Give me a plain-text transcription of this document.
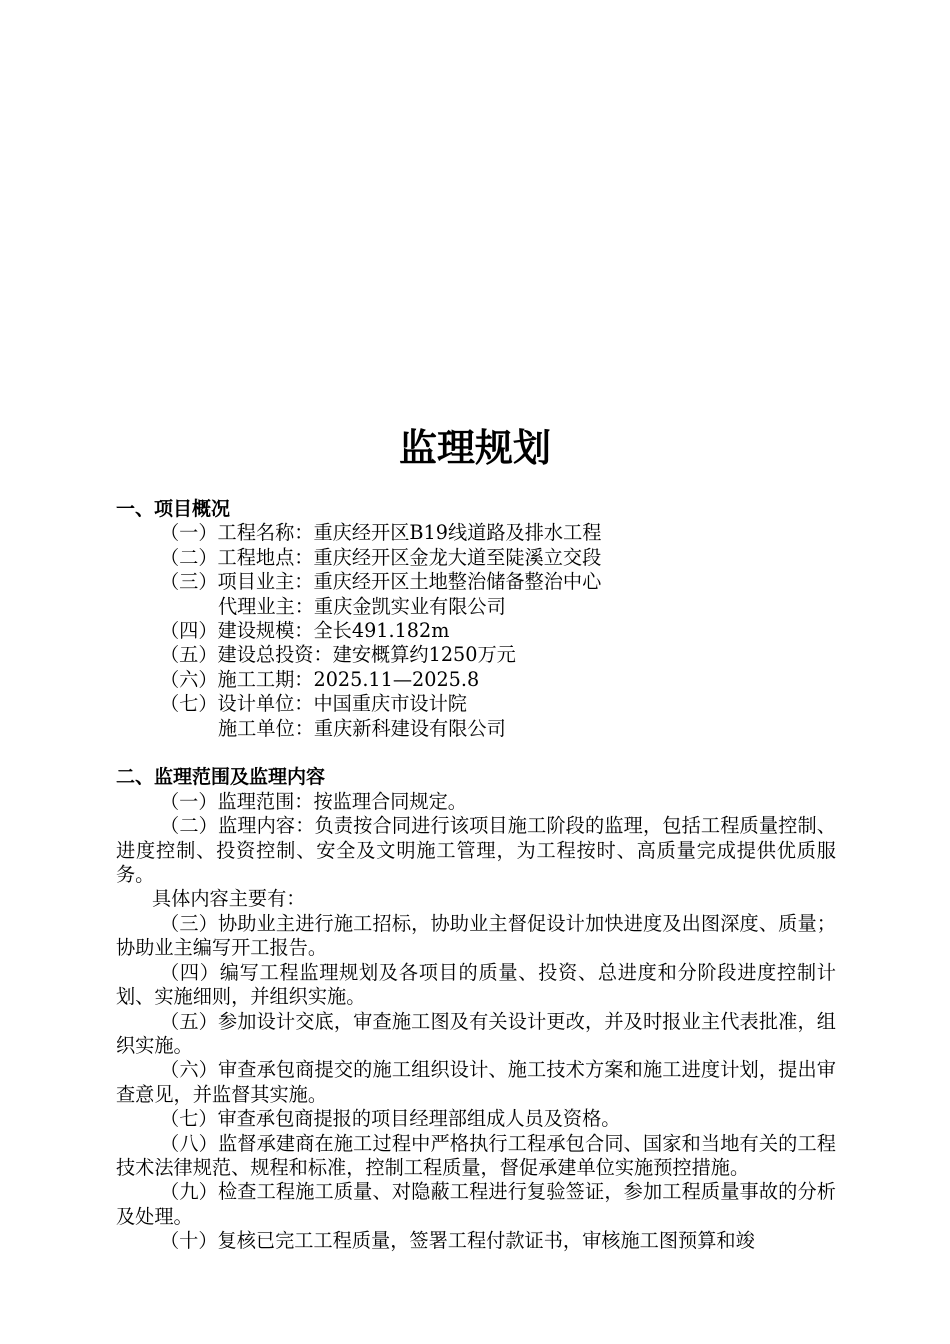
监理规划
一、项目概况
（一）工程名称：重庆经开区B19线道路及排水工程
（二）工程地点：重庆经开区金龙大道至陡溪立交段
（三）项目业主：重庆经开区土地整治储备整治中心
代理业主：重庆金凯实业有限公司
（四）建设规模：全长491.182m
（五）建设总投资：建安概算约1250万元
（六）施工工期：2025.11—2025.8
（七）设计单位：中国重庆市设计院
施工单位：重庆新科建设有限公司
二、监理范围及监理内容
（一）监理范围：按监理合同规定。
（二）监理内容：负责按合同进行该项目施工阶段的监理，包括工程质量控制、进度控制、投资控制、安全及文明施工管理，为工程按时、高质量完成提供优质服务。
具体内容主要有：
（三）协助业主进行施工招标，协助业主督促设计加快进度及出图深度、质量；协助业主编写开工报告。
（四）编写工程监理规划及各项目的质量、投资、总进度和分阶段进度控制计划、实施细则，并组织实施。
（五）参加设计交底，审查施工图及有关设计更改，并及时报业主代表批准，组织实施。
（六）审查承包商提交的施工组织设计、施工技术方案和施工进度计划，提出审查意见，并监督其实施。
（七）审查承包商提报的项目经理部组成人员及资格。
（八）监督承建商在施工过程中严格执行工程承包合同、国家和当地有关的工程技术法律规范、规程和标准，控制工程质量，督促承建单位实施预控措施。
（九）检查工程施工质量、对隐蔽工程进行复验签证，参加工程质量事故的分析及处理。
（十）复核已完工工程质量，签署工程付款证书，审核施工图预算和竣
